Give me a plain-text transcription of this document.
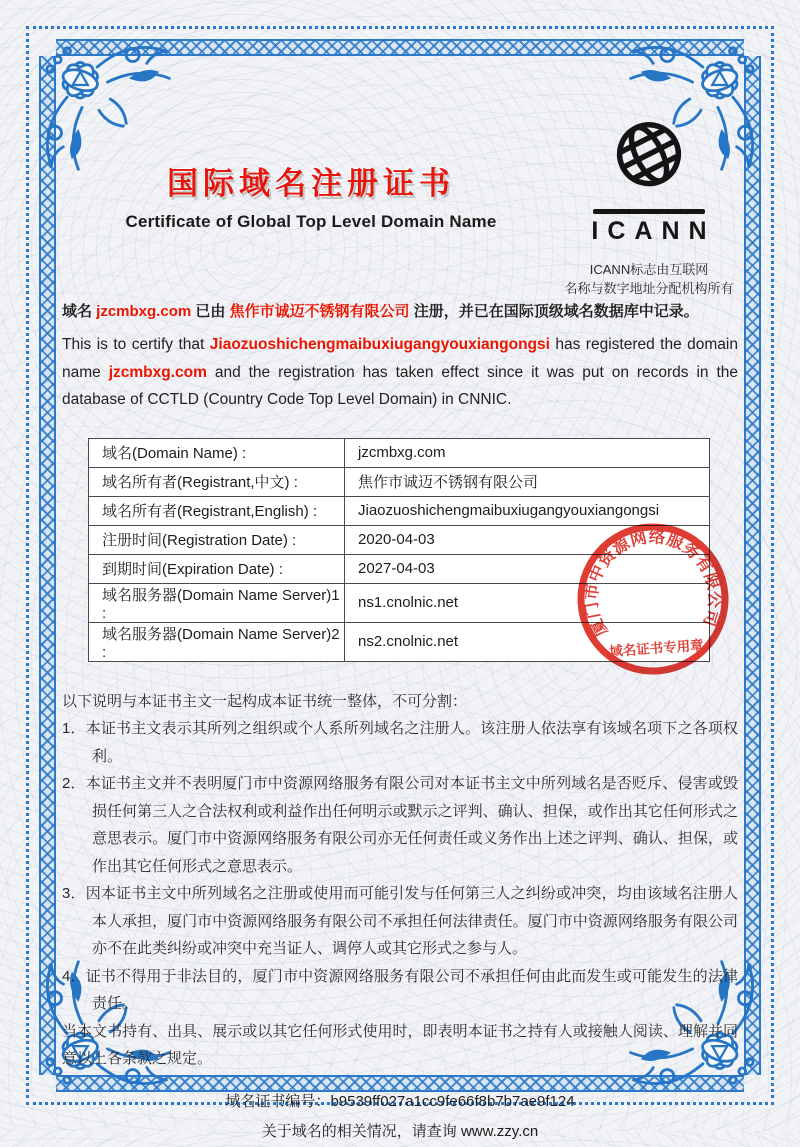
国际域名注册证书
Certificate of Global Top Level Domain Name	ICANN
ICANN标志由互联网
名称与数字地址分配机构所有
域名 jzcmbxg.com 已由 焦作市诚迈不锈钢有限公司 注册，并已在国际顶级域名数据库中记录。
This is to certify that Jiaozuoshichengmaibuxiugangyouxiangongsi has registered the domain name jzcmbxg.com and the registration has taken effect since it was put on records in the database of CCTLD (Country Code Top Level Domain) in CNNIC.
域名(Domain Name) :	jzcmbxg.com
域名所有者(Registrant,中文) :	焦作市诚迈不锈钢有限公司
域名所有者(Registrant,English) :	Jiaozuoshichengmaibuxiugangyouxiangongsi
注册时间(Registration Date) :	2020-04-03
到期时间(Expiration Date) :	2027-04-03
域名服务器(Domain Name Server)1 :	ns1.cnolnic.net
域名服务器(Domain Name Server)2 :	ns2.cnolnic.net
厦门市中资源网络服务有限公司
域名证书专用章

以下说明与本证书主文一起构成本证书统一整体，不可分割：

1．本证书主文表示其所列之组织或个人系所列域名之注册人。该注册人依法享有该域名项下之各项权利。

2．本证书主文并不表明厦门市中资源网络服务有限公司对本证书主文中所列域名是否贬斥、侵害或毁损任何第三人之合法权利或利益作出任何明示或默示之评判、确认、担保，或作出其它任何形式之意思表示。厦门市中资源网络服务有限公司亦无任何责任或义务作出上述之评判、确认、担保，或作出其它任何形式之意思表示。

3．因本证书主文中所列域名之注册或使用而可能引发与任何第三人之纠纷或冲突，均由该域名注册人本人承担，厦门市中资源网络服务有限公司不承担任何法律责任。厦门市中资源网络服务有限公司亦不在此类纠纷或冲突中充当证人、调停人或其它形式之参与人。

4．证书不得用于非法目的，厦门市中资源网络服务有限公司不承担任何由此而发生或可能发生的法律责任。

当本文书持有、出具、展示或以其它任何形式使用时，即表明本证书之持有人或接触人阅读、理解并同意以上各条款之规定。

域名证书编号：b9539ff027a1cc9fe66f8b7b7ae9f124
关于域名的相关情况，请查询 www.zzy.cn
